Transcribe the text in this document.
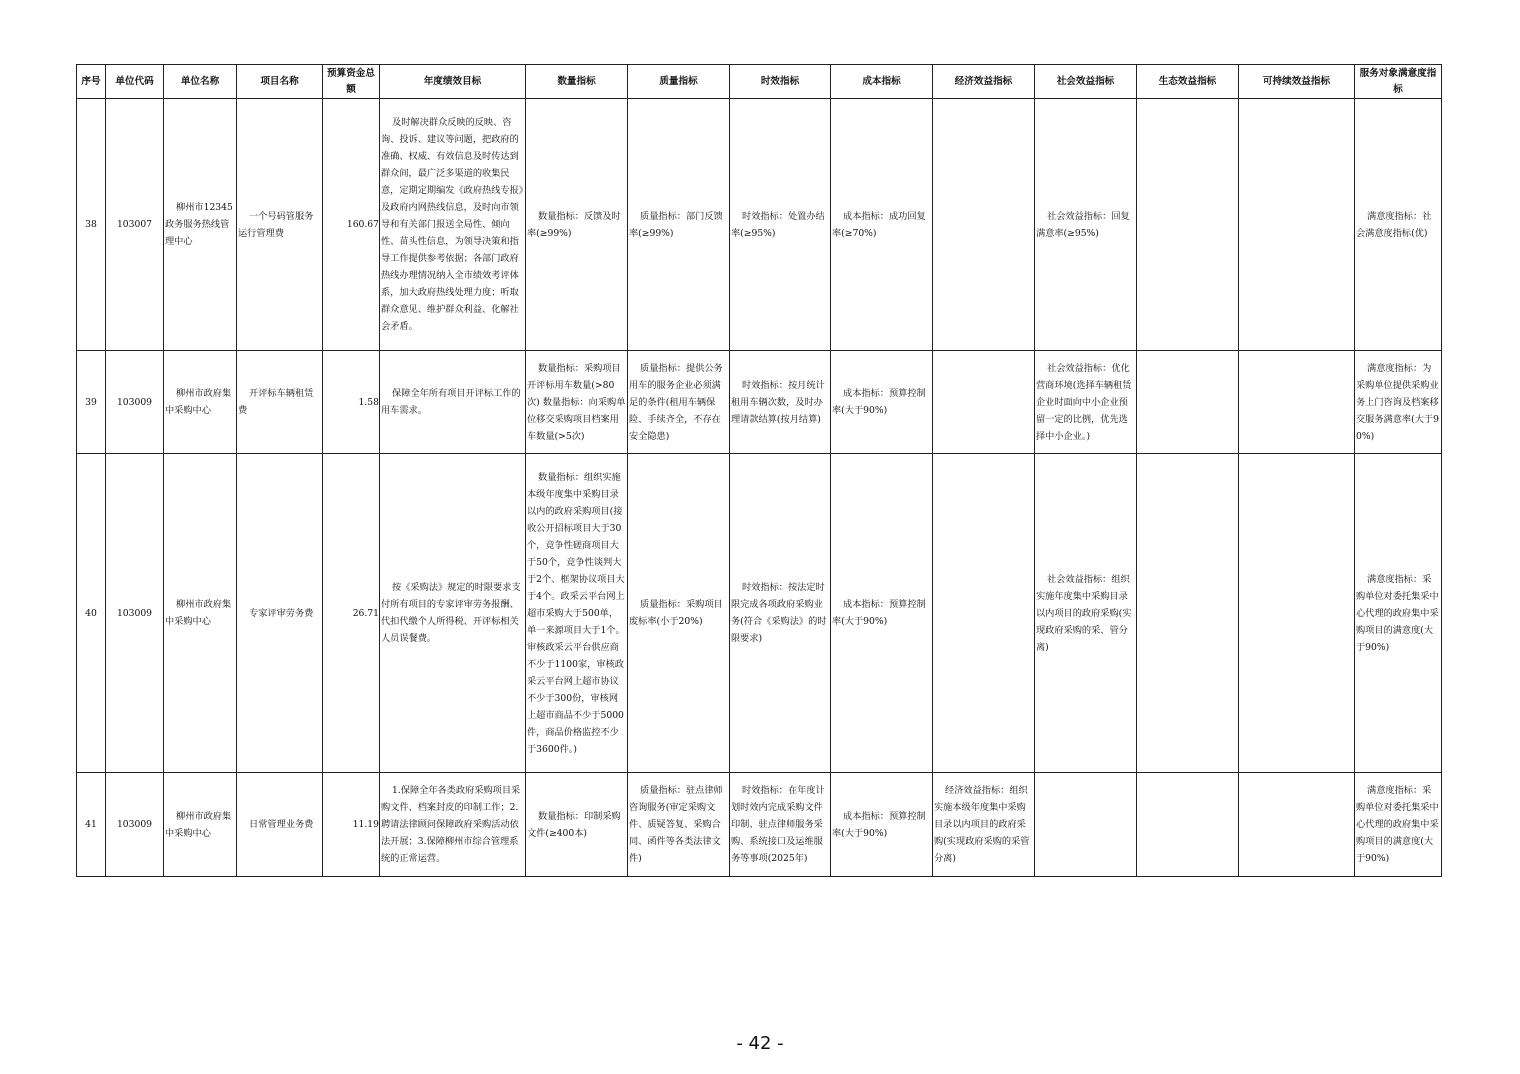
序号	单位代码	单位名称	项目名称	预算资金总额	年度绩效目标	数量指标	质量指标	时效指标	成本指标	经济效益指标	社会效益指标	生态效益指标	可持续效益指标	服务对象满意度指标
38	103007	柳州市12345政务服务热线管理中心	一个号码管服务运行管理费	160.67	及时解决群众反映的反映、咨询、投诉、建议等问题，把政府的准确、权威、有效信息及时传达到群众间，最广泛多渠道的收集民意，定期定期编发《政府热线专报》及政府内网热线信息，及时向市领导和有关部门报送全局性、倾向性、苗头性信息，为领导决策和指导工作提供参考依据；各部门政府热线办理情况纳入全市绩效考评体系，加大政府热线处理力度；听取群众意见、维护群众利益、化解社会矛盾。	数量指标：反馈及时率(≥99%)	质量指标：部门反馈率(≥99%)	时效指标：处置办结率(≥95%)	成本指标：成功回复率(≥70%)		社会效益指标：回复满意率(≥95%)			满意度指标：社会满意度指标(优)
39	103009	柳州市政府集中采购中心	开评标车辆租赁费	1.58	保障全年所有项目开评标工作的用车需求。	数量指标：采购项目开评标用车数量(>80次) 数量指标：向采购单位移交采购项目档案用车数量(>5次)	质量指标：提供公务用车的服务企业必须满足的条件(租用车辆保险、手续齐全，不存在安全隐患)	时效指标：按月统计租用车辆次数，及时办理请款结算(按月结算)	成本指标：预算控制率(大于90%)		社会效益指标：优化营商环境(选择车辆租赁企业时面向中小企业预留一定的比例，优先选择中小企业。)			满意度指标：为采购单位提供采购业务上门咨询及档案移交服务满意率(大于90%)
40	103009	柳州市政府集中采购中心	专家评审劳务费	26.71	按《采购法》规定的时限要求支付所有项目的专家评审劳务报酬、代扣代缴个人所得税、开评标相关人员误餐费。	数量指标：组织实施本级年度集中采购目录以内的政府采购项目(接收公开招标项目大于30个，竞争性磋商项目大于50个，竞争性谈判大于2个、框架协议项目大于4个。政采云平台网上超市采购大于500单，单一来源项目大于1个。审核政采云平台供应商不少于1100家，审核政采云平台网上超市协议不少于300份，审核网上超市商品不少于5000件，商品价格监控不少于3600件。)	质量指标：采购项目废标率(小于20%)	时效指标：按法定时限完成各项政府采购业务(符合《采购法》的时限要求)	成本指标：预算控制率(大于90%)		社会效益指标：组织实施年度集中采购目录以内项目的政府采购(实现政府采购的采、管分离)			满意度指标：采购单位对委托集采中心代理的政府集中采购项目的满意度(大于90%)
41	103009	柳州市政府集中采购中心	日常管理业务费	11.19	1.保障全年各类政府采购项目采购文件、档案封皮的印制工作；2.聘请法律顾问保障政府采购活动依法开展；3.保障柳州市综合管理系统的正常运营。	数量指标：印制采购文件(≥400本)	质量指标：驻点律师咨询服务(审定采购文件、质疑答复、采购合同、函件等各类法律文件)	时效指标：在年度计划时效内完成采购文件印制、驻点律师服务采购、系统接口及运维服务等事项(2025年)	成本指标：预算控制率(大于90%)	经济效益指标：组织实施本级年度集中采购目录以内项目的政府采购(实现政府采购的采管分离)				满意度指标：采购单位对委托集采中心代理的政府集中采购项目的满意度(大于90%)
- 42 -
